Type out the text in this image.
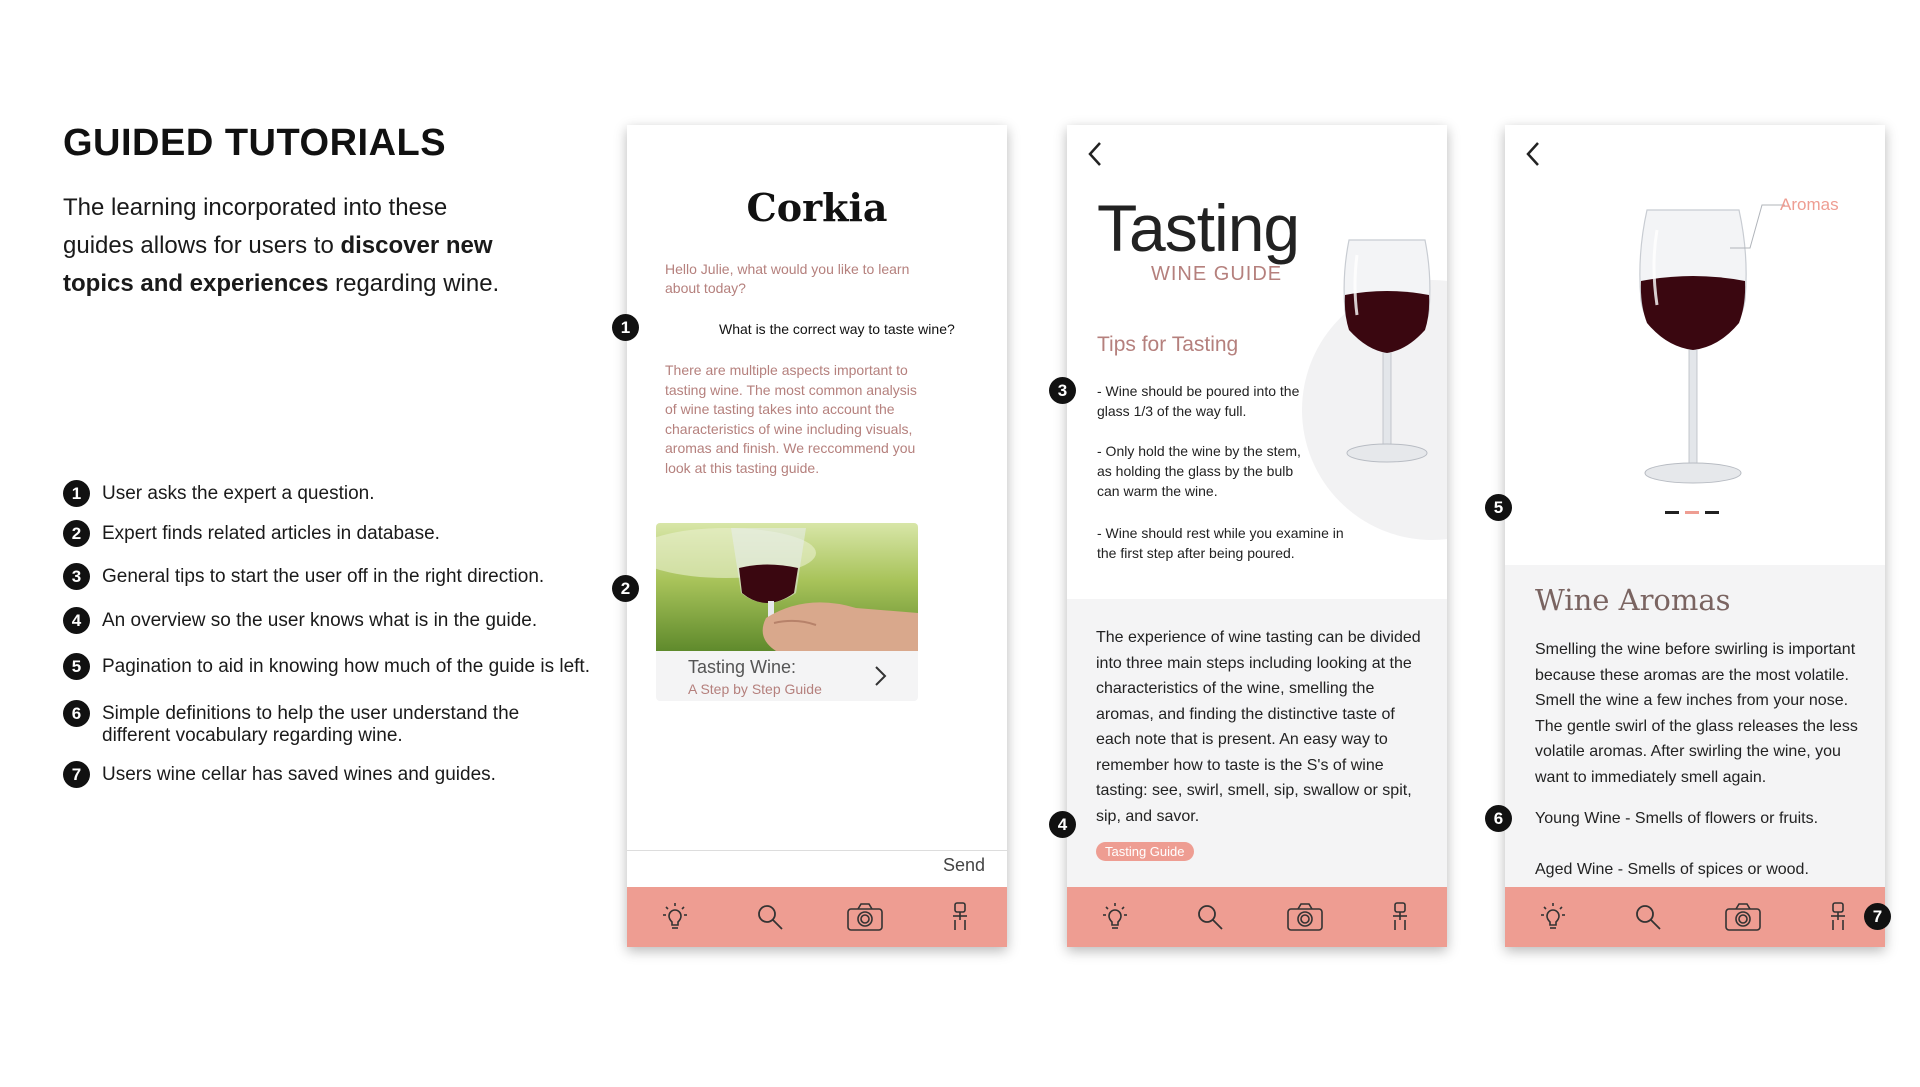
GUIDED TUTORIALS
The learning incorporated into these guides allows for users to discover new topics and experiences regarding wine.
1	User asks the expert a question.
2	Expert finds related articles in database.
3	General tips to start the user off in the right direction.
4	An overview so the user knows what is in the guide.
5	Pagination to aid in knowing how much of the guide is left.
6	Simple definitions to help the user understand the different vocabulary regarding wine.
7	Users wine cellar has saved wines and guides.
Corkia
Hello Julie, what would you like to learn about today?
What is the correct way to taste wine?
There are multiple aspects important to tasting wine. The most common analysis of wine tasting takes into account the characteristics of wine including visuals, aromas and finish. We reccommend you look at this tasting guide.
Tasting Wine:
A Step by Step Guide
Send
Tasting
WINE GUIDE
Tips for Tasting
- Wine should be poured into the glass 1/3 of the way full.
- Only hold the wine by the stem, as holding the glass by the bulb can warm the wine.
- Wine should rest while you examine in the first step after being poured.
The experience of wine tasting can be divided into three main steps including looking at the characteristics of the wine, smelling the aromas, and finding the distinctive taste of each note that is present. An easy way to remember how to taste is the S's of wine tasting: see, swirl, smell, sip, swallow or spit, sip, and savor.
Tasting Guide
Aromas
Wine Aromas
Smelling the wine before swirling is important because these aromas are the most volatile. Smell the wine a few inches from your nose. The gentle swirl of the glass releases the less volatile aromas. After swirling the wine, you want to immediately smell again.
Young Wine - Smells of flowers or fruits.
Aged Wine - Smells of spices or wood.
1
2
3
4
5
6
7
